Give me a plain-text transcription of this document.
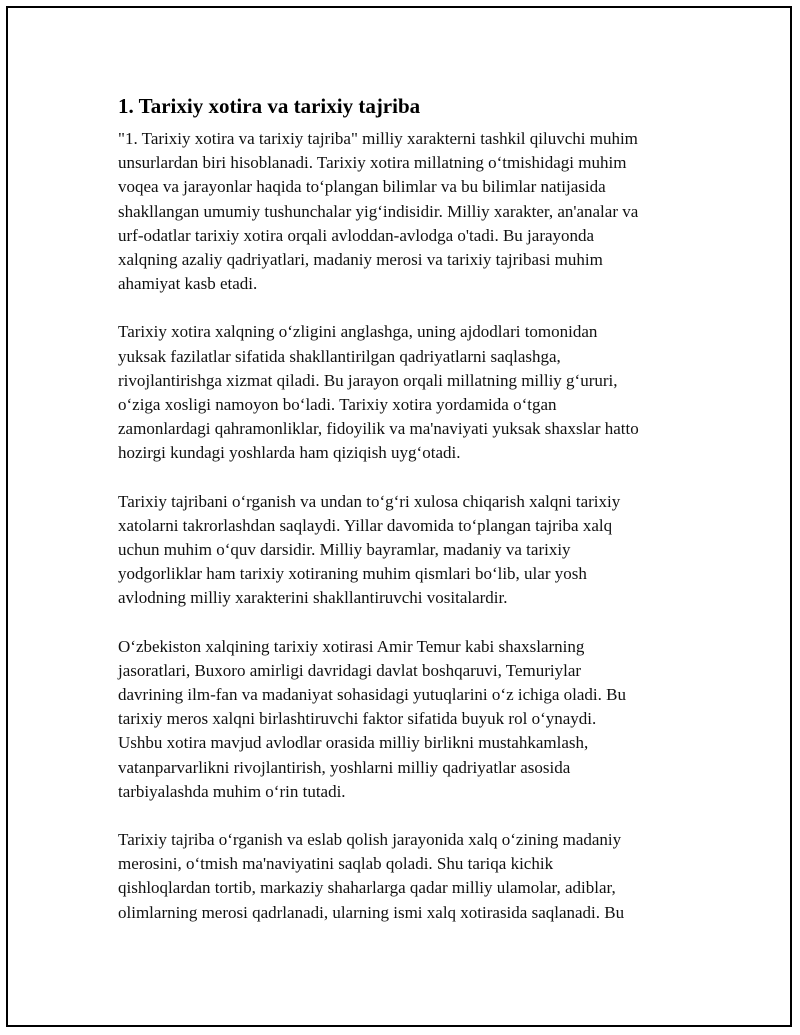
1. Tarixiy xotira va tarixiy tajriba

"1. Tarixiy xotira va tarixiy tajriba" milliy xarakterni tashkil qiluvchi muhim
unsurlardan biri hisoblanadi. Tarixiy xotira millatning oʻtmishidagi muhim
voqea va jarayonlar haqida toʻplangan bilimlar va bu bilimlar natijasida
shakllangan umumiy tushunchalar yigʻindisidir. Milliy xarakter, an'analar va
urf-odatlar tarixiy xotira orqali avloddan-avlodga o'tadi. Bu jarayonda
xalqning azaliy qadriyatlari, madaniy merosi va tarixiy tajribasi muhim
ahamiyat kasb etadi.

Tarixiy xotira xalqning oʻzligini anglashga, uning ajdodlari tomonidan
yuksak fazilatlar sifatida shakllantirilgan qadriyatlarni saqlashga,
rivojlantirishga xizmat qiladi. Bu jarayon orqali millatning milliy gʻururi,
oʻziga xosligi namoyon boʻladi. Tarixiy xotira yordamida oʻtgan
zamonlardagi qahramonliklar, fidoyilik va ma'naviyati yuksak shaxslar hatto
hozirgi kundagi yoshlarda ham qiziqish uygʻotadi.

Tarixiy tajribani oʻrganish va undan toʻgʻri xulosa chiqarish xalqni tarixiy
xatolarni takrorlashdan saqlaydi. Yillar davomida toʻplangan tajriba xalq
uchun muhim oʻquv darsidir. Milliy bayramlar, madaniy va tarixiy
yodgorliklar ham tarixiy xotiraning muhim qismlari boʻlib, ular yosh
avlodning milliy xarakterini shakllantiruvchi vositalardir.

Oʻzbekiston xalqining tarixiy xotirasi Amir Temur kabi shaxslarning
jasoratlari, Buxoro amirligi davridagi davlat boshqaruvi, Temuriylar
davrining ilm-fan va madaniyat sohasidagi yutuqlarini oʻz ichiga oladi. Bu
tarixiy meros xalqni birlashtiruvchi faktor sifatida buyuk rol oʻynaydi.
Ushbu xotira mavjud avlodlar orasida milliy birlikni mustahkamlash,
vatanparvarlikni rivojlantirish, yoshlarni milliy qadriyatlar asosida
tarbiyalashda muhim oʻrin tutadi.

Tarixiy tajriba oʻrganish va eslab qolish jarayonida xalq oʻzining madaniy
merosini, oʻtmish ma'naviyatini saqlab qoladi. Shu tariqa kichik
qishloqlardan tortib, markaziy shaharlarga qadar milliy ulamolar, adiblar,
olimlarning merosi qadrlanadi, ularning ismi xalq xotirasida saqlanadi. Bu
